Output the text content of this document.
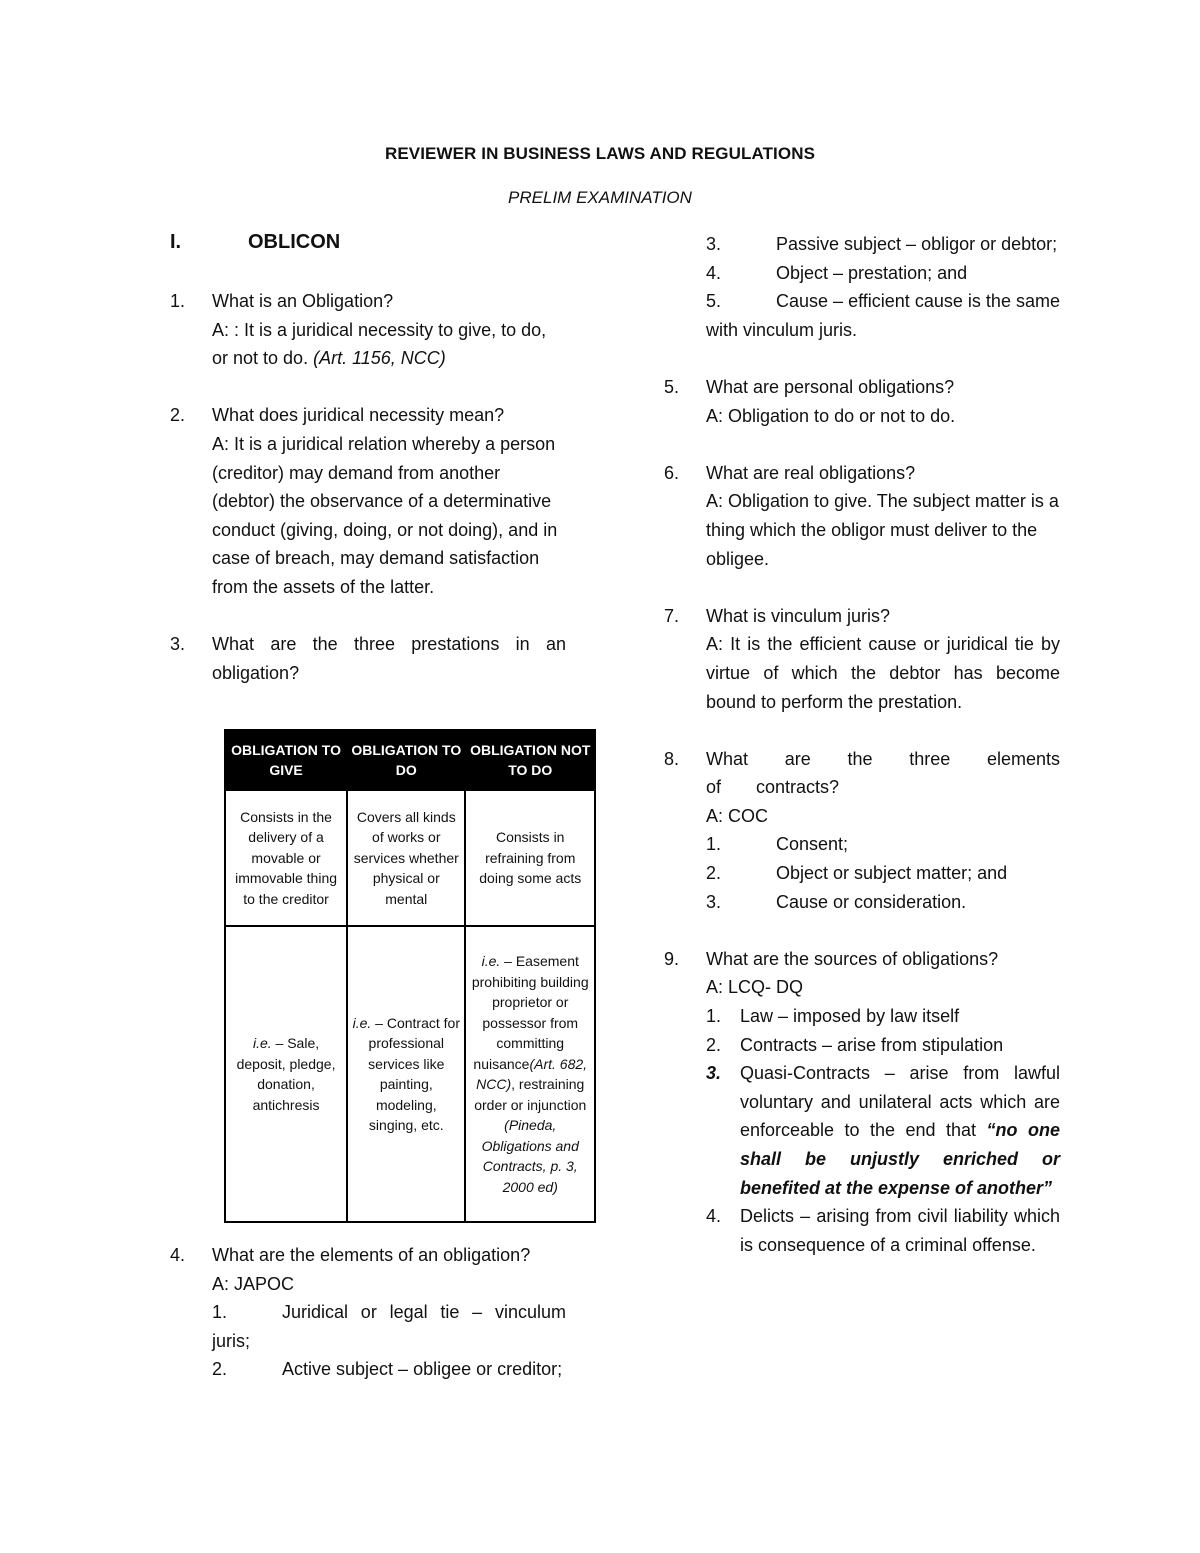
REVIEWER IN BUSINESS LAWS AND REGULATIONS
PRELIM EXAMINATION
I.	OBLICON
1. What is an Obligation?
A: : It is a juridical necessity to give, to do, or not to do. (Art. 1156, NCC)
2. What does juridical necessity mean?
A: It is a juridical relation whereby a person (creditor) may demand from another (debtor) the observance of a determinative conduct (giving, doing, or not doing), and in case of breach, may demand satisfaction from the assets of the latter.
3.	What are the three prestations in an obligation?
OBLIGATION TO GIVE	OBLIGATION TO DO	OBLIGATION NOT TO DO
Consists in the delivery of a movable or immovable thing to the creditor	Covers all kinds of works or services whether physical or mental	Consists in refraining from doing some acts
i.e. – Sale, deposit, pledge, donation, antichresis	i.e. – Contract for professional services like painting, modeling, singing, etc.	i.e. – Easement prohibiting building proprietor or possessor from committing nuisance(Art. 682, NCC), restraining order or injunction (Pineda, Obligations and Contracts, p. 3, 2000 ed)
4. What are the elements of an obligation?
A: JAPOC
1.	Juridical or legal tie – vinculum juris;
2.	Active subject – obligee or creditor;
3.	Passive subject – obligor or debtor;
4.	Object – prestation; and
5.	Cause – efficient cause is the same with vinculum juris.
5. What are personal obligations?
A: Obligation to do or not to do.
6. What are real obligations?
A: Obligation to give. The subject matter is a thing which the obligor must deliver to the obligee.
7. What is vinculum juris?
A: It is the efficient cause or juridical tie by virtue of which the debtor has become bound to perform the prestation.
8.	What are the three elements of contracts?
A: COC
1.	Consent;
2.	Object or subject matter; and
3.	Cause or consideration.
9. What are the sources of obligations?
A: LCQ- DQ
1.	Law – imposed by law itself
2.	Contracts – arise from stipulation
3.	Quasi-Contracts – arise from lawful voluntary and unilateral acts which are enforceable to the end that “no one shall be unjustly enriched or benefited at the expense of another”
4.	Delicts – arising from civil liability which is consequence of a criminal offense.
